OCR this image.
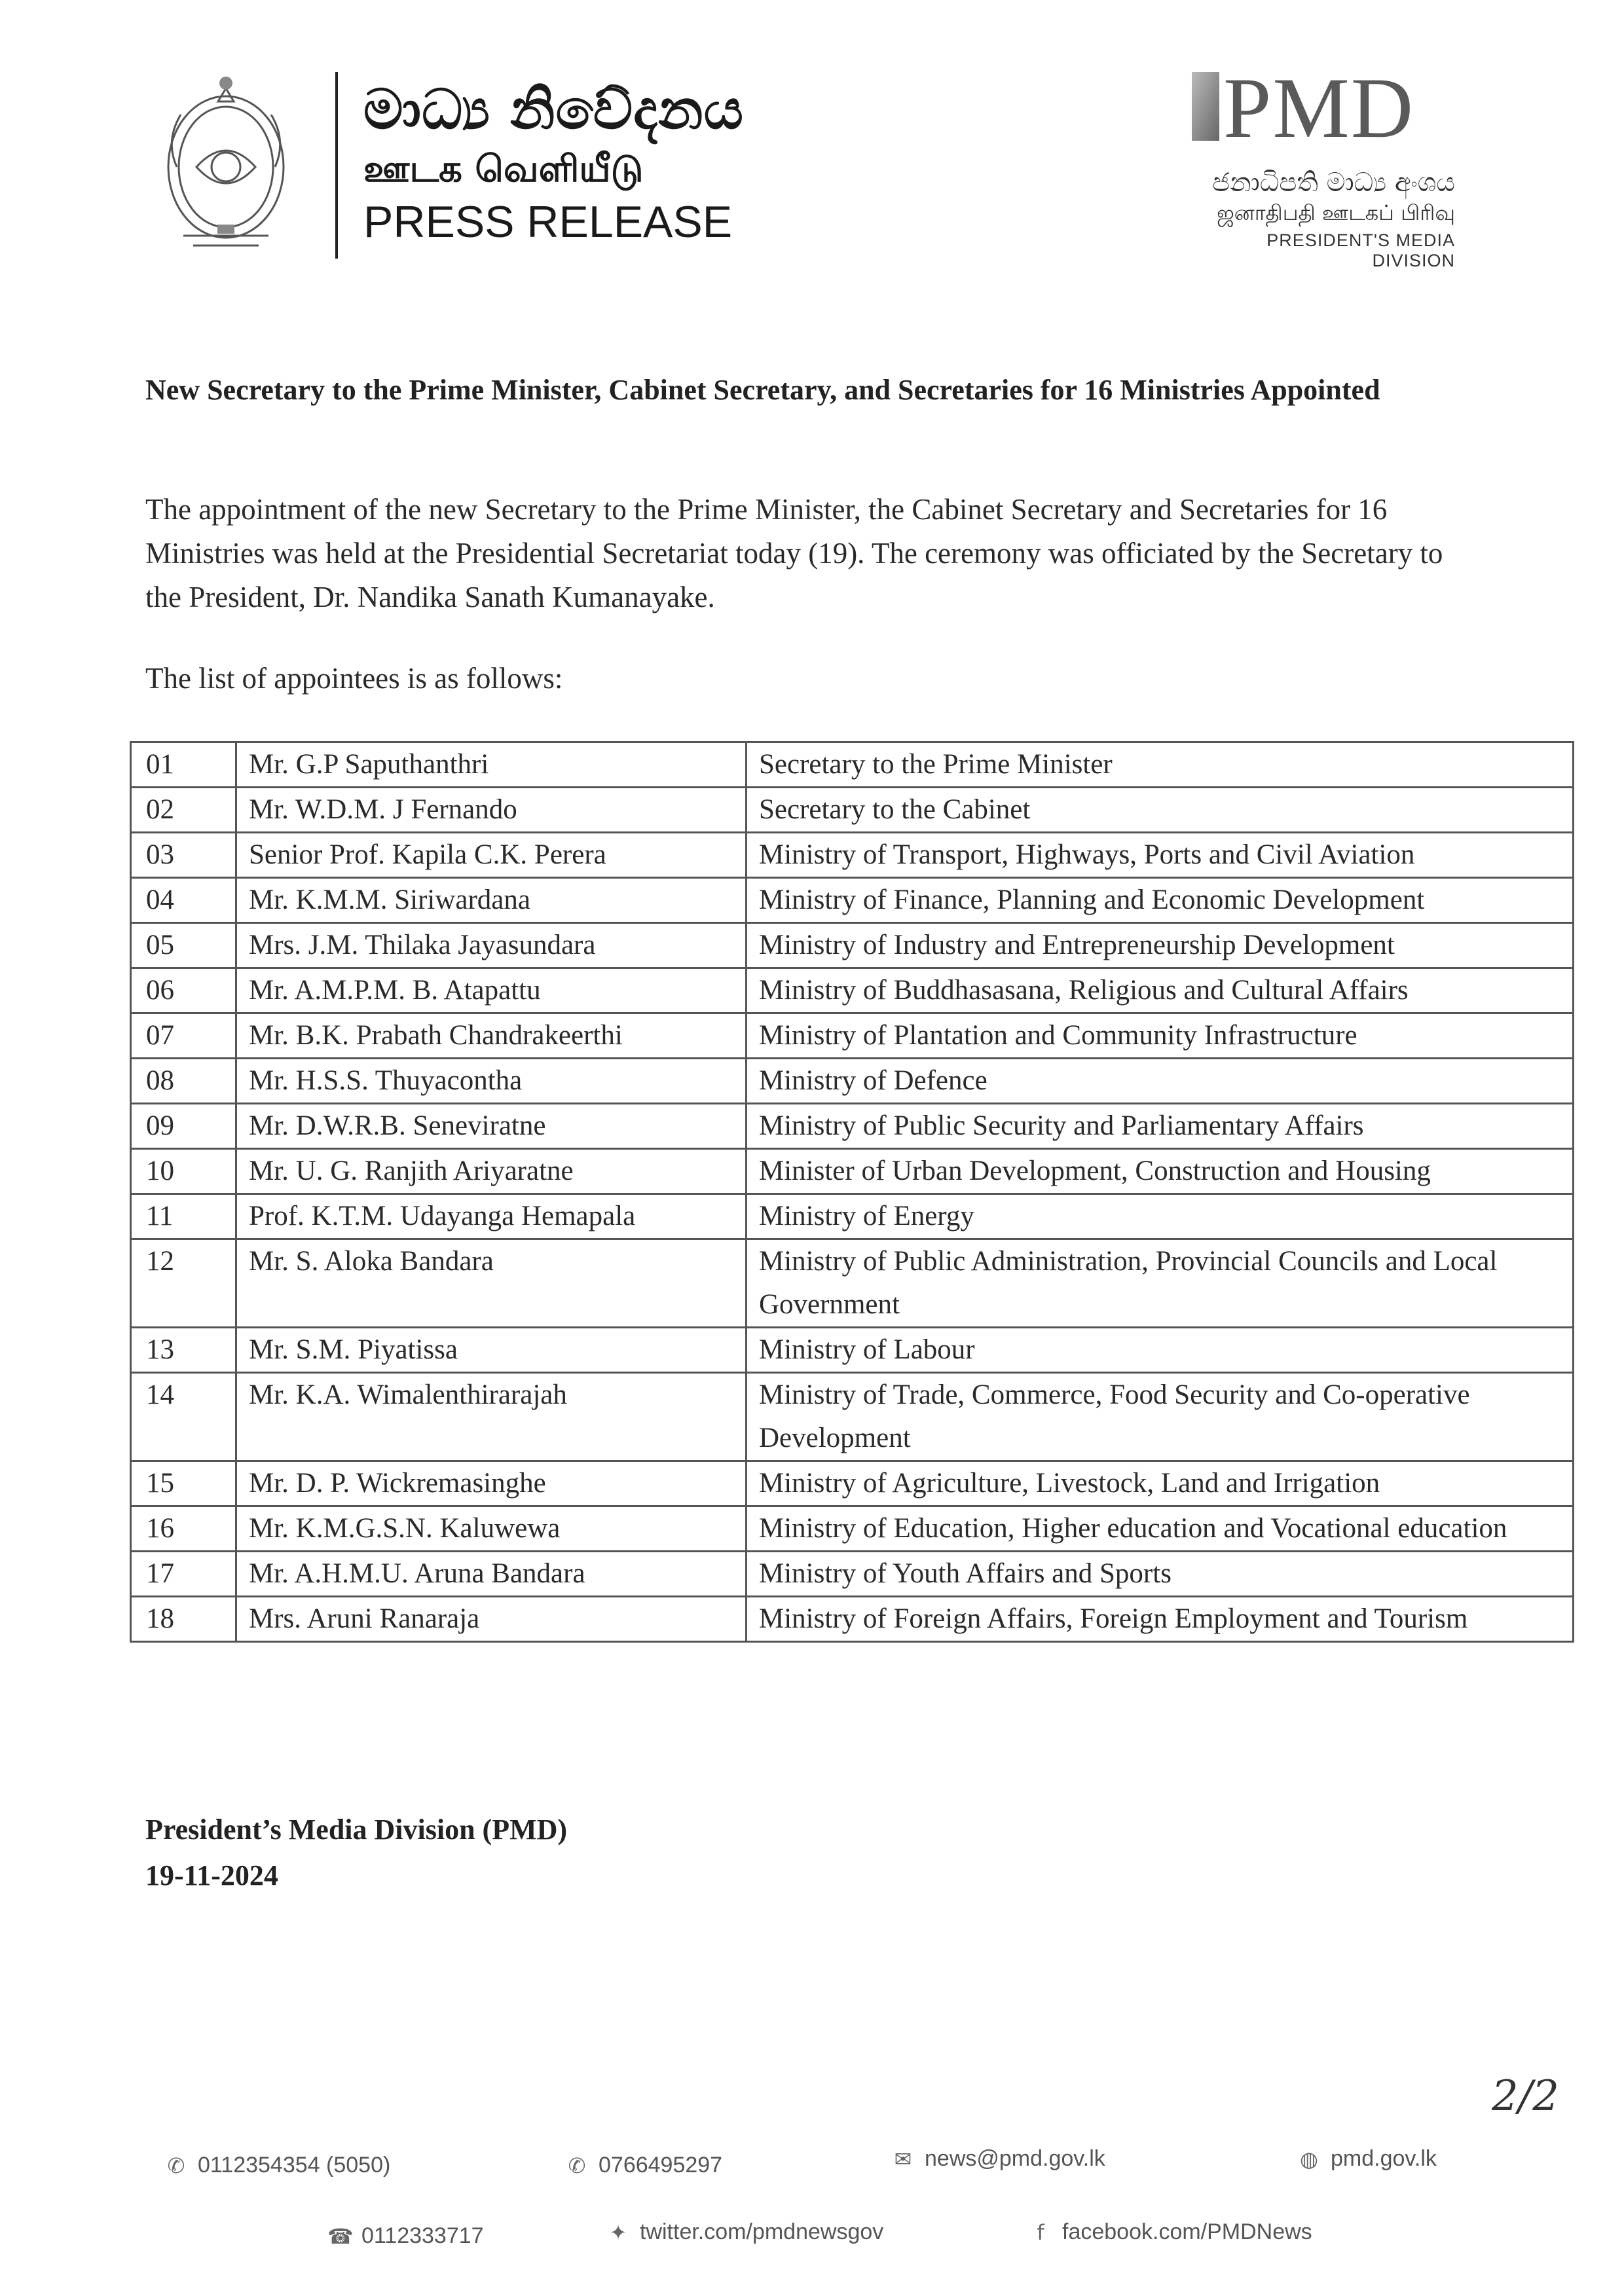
මාධ්‍ය නිවේදනය
ஊடக வெளியீடு
PRESS RELEASE
PMD
ජනාධිපති මාධ්‍ය අංශය
ஜனாதிபதி ஊடகப் பிரிவு
PRESIDENT'S MEDIA DIVISION
New Secretary to the Prime Minister, Cabinet Secretary, and Secretaries for 16 Ministries Appointed

The appointment of the new Secretary to the Prime Minister, the Cabinet Secretary and Secretaries for 16 Ministries was held at the Presidential Secretariat today (19). The ceremony was officiated by the Secretary to the President, Dr. Nandika Sanath Kumanayake.

The list of appointees is as follows:

01	Mr. G.P Saputhanthri	Secretary to the Prime Minister
02	Mr. W.D.M. J Fernando	Secretary to the Cabinet
03	Senior Prof. Kapila C.K. Perera	Ministry of Transport, Highways, Ports and Civil Aviation
04	Mr. K.M.M. Siriwardana	Ministry of Finance, Planning and Economic Development
05	Mrs. J.M. Thilaka Jayasundara	Ministry of Industry and Entrepreneurship Development
06	Mr. A.M.P.M. B. Atapattu	Ministry of Buddhasasana, Religious and Cultural Affairs
07	Mr. B.K. Prabath Chandrakeerthi	Ministry of Plantation and Community Infrastructure
08	Mr. H.S.S. Thuyacontha	Ministry of Defence
09	Mr. D.W.R.B. Seneviratne	Ministry of Public Security and Parliamentary Affairs
10	Mr. U. G. Ranjith Ariyaratne	Minister of Urban Development, Construction and Housing
11	Prof. K.T.M. Udayanga Hemapala	Ministry of Energy
12	Mr. S. Aloka Bandara	Ministry of Public Administration, Provincial Councils and Local Government
13	Mr. S.M. Piyatissa	Ministry of Labour
14	Mr. K.A. Wimalenthirarajah	Ministry of Trade, Commerce, Food Security and Co-operative Development
15	Mr. D. P. Wickremasinghe	Ministry of Agriculture, Livestock, Land and Irrigation
16	Mr. K.M.G.S.N. Kaluwewa	Ministry of Education, Higher education and Vocational education
17	Mr. A.H.M.U. Aruna Bandara	Ministry of Youth Affairs and Sports
18	Mrs. Aruni Ranaraja	Ministry of Foreign Affairs, Foreign Employment and Tourism
President’s Media Division (PMD)
19-11-2024
2/2
✆ 0112354354 (5050)	✆ 0766495297	✉ news@pmd.gov.lk	◍ pmd.gov.lk
☎ 0112333717	✦ twitter.com/pmdnewsgov	f facebook.com/PMDNews
